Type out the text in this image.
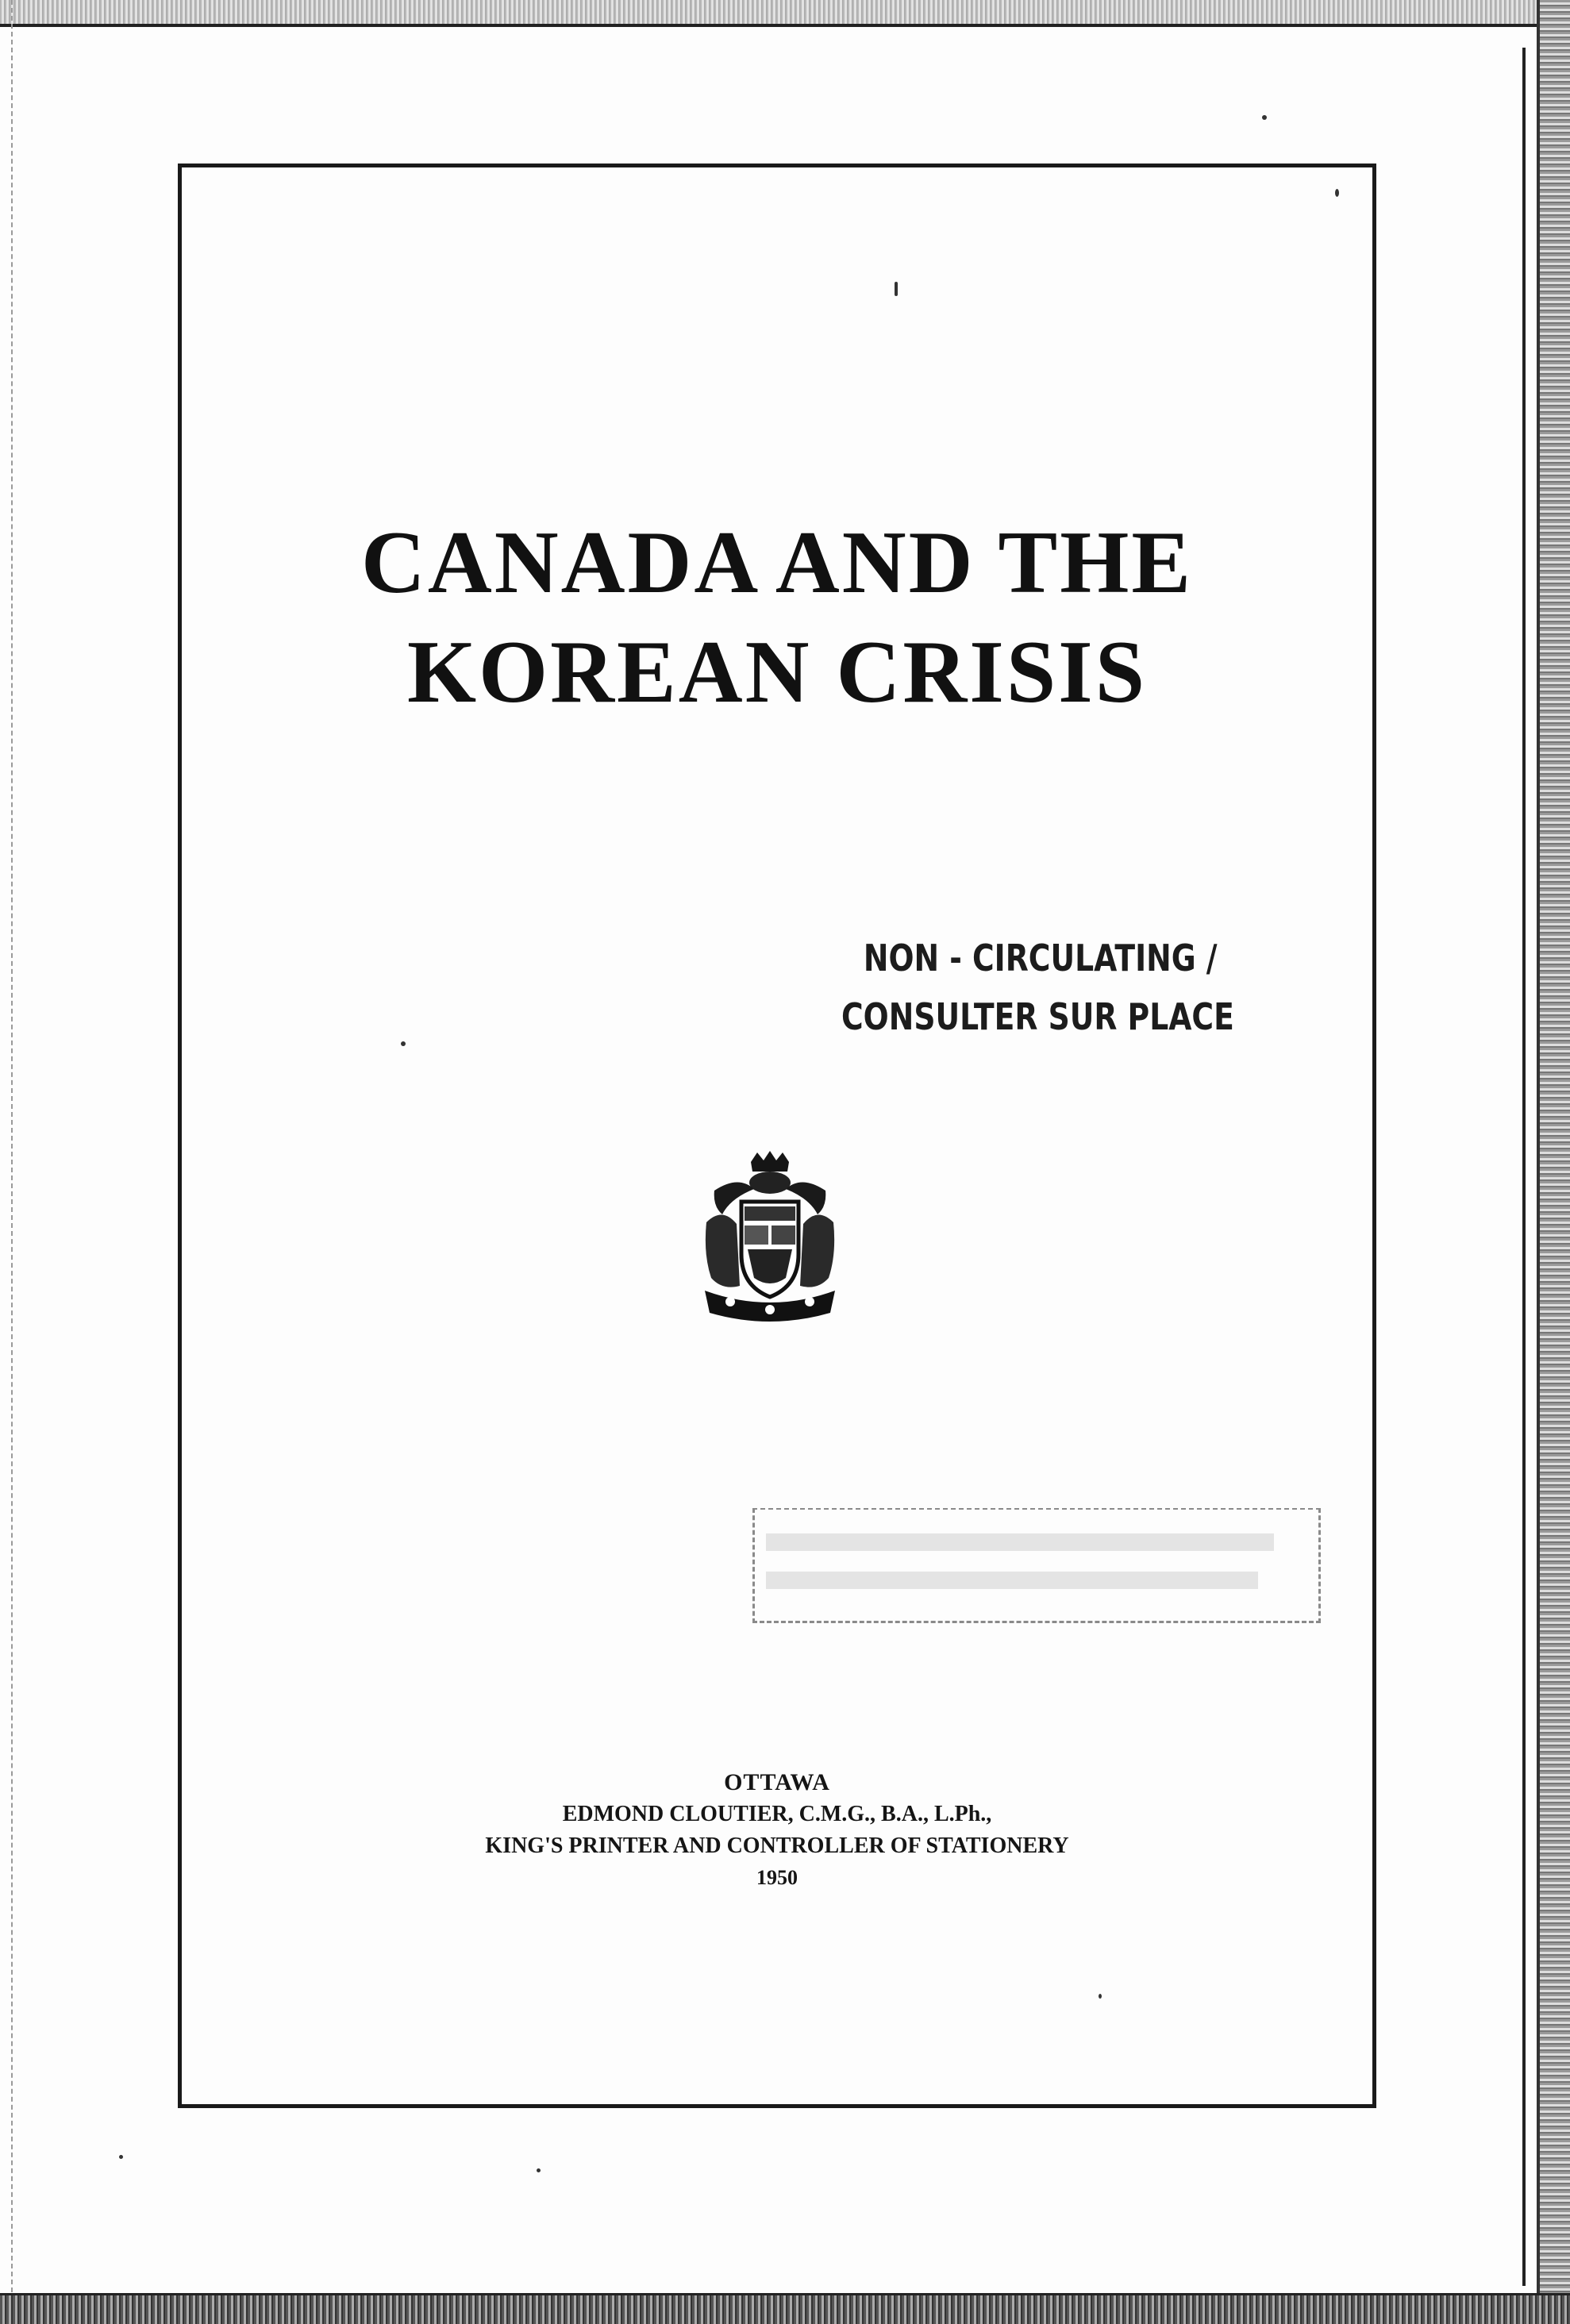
CANADA AND THE
KOREAN CRISIS
NON - CIRCULATING /
CONSULTER SUR PLACE
OTTAWA
EDMOND CLOUTIER, C.M.G., B.A., L.Ph.,
KING'S PRINTER AND CONTROLLER OF STATIONERY
1950
